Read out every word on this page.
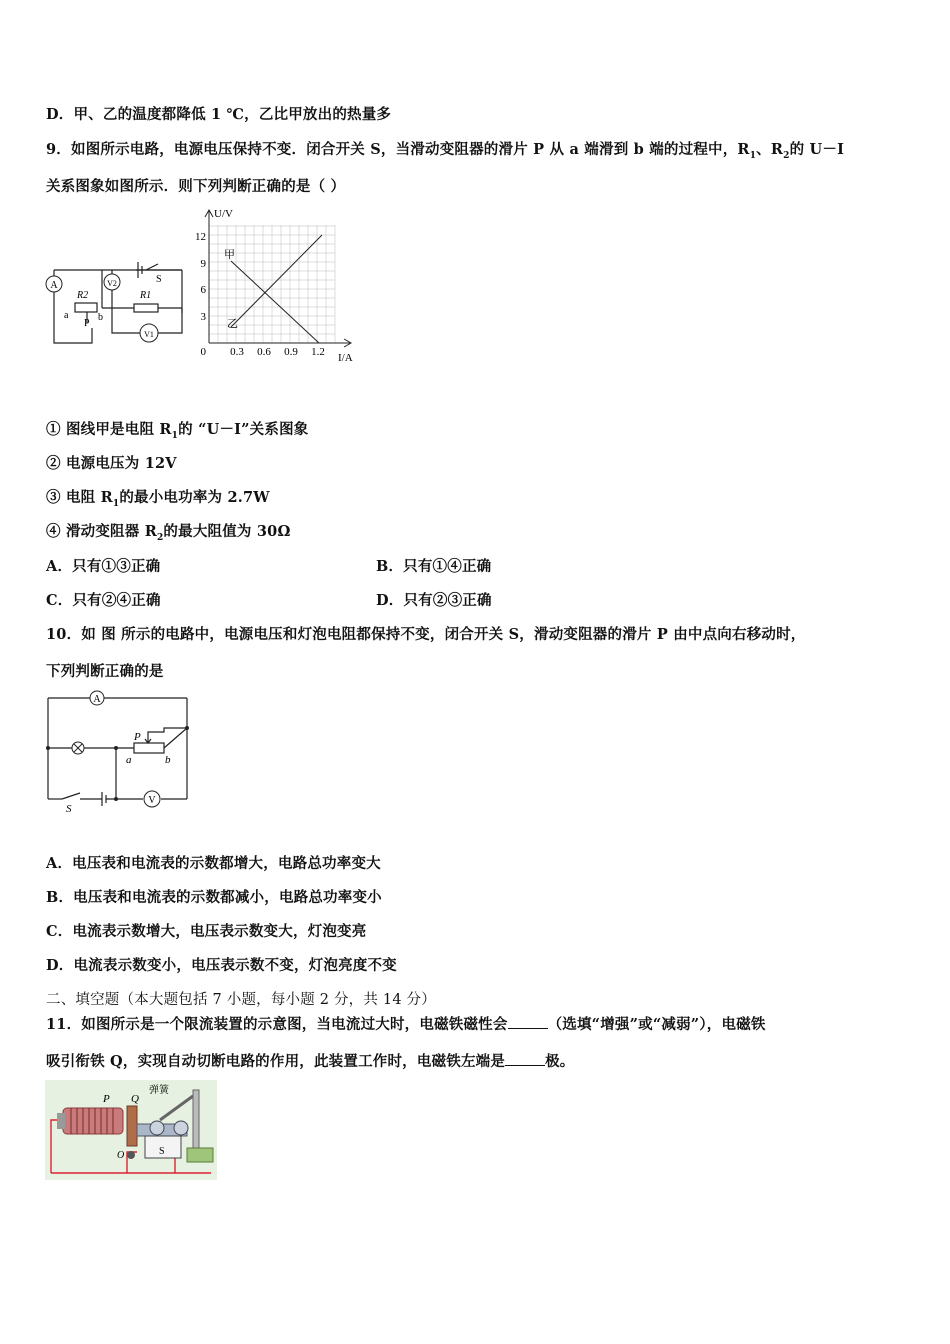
D．甲、乙的温度都降低 1 ℃，乙比甲放出的热量多
9．如图所示电路，电源电压保持不变．闭合开关 S，当滑动变阻器的滑片 P 从 a 端滑到 b 端的过程中，$R_1$、$R_2$的 U－I
关系图象如图所示．则下列判断正确的是（ ）
A	V2
V1
S
R2	R1
a
P
b
U/V
I/A
0
12
9
6
3
0.3 0.6 0.9 1.2
甲
乙
① 图线甲是电阻 $R_1$的 “U－I”关系图象
② 电源电压为 12V
③ 电阻 $R_1$的最小电功率为 2.7W
④ 滑动变阻器 $R_2$的最大阻值为 30Ω
A．只有①③正确	B．只有①④正确
C．只有②④正确	D．只有②③正确
10．如 图 所示的电路中，电源电压和灯泡电阻都保持不变，闭合开关 S，滑动变阻器的滑片 P 由中点向右移动时，
下列判断正确的是
A
V
P
a	b
S
A．电压表和电流表的示数都增大，电路总功率变大
B．电压表和电流表的示数都减小，电路总功率变小
C．电流表示数增大，电压表示数变大，灯泡变亮
D．电流表示数变小，电压表示数不变，灯泡亮度不变
二、填空题（本大题包括 7 小题，每小题 2 分，共 14 分）
11．如图所示是一个限流装置的示意图，当电流过大时，电磁铁磁性会	（选填“增强”或“减弱”），电磁铁
吸引衔铁 Q，实现自动切断电路的作用，此装置工作时，电磁铁左端是	极。
P Q
弹簧
S
O
